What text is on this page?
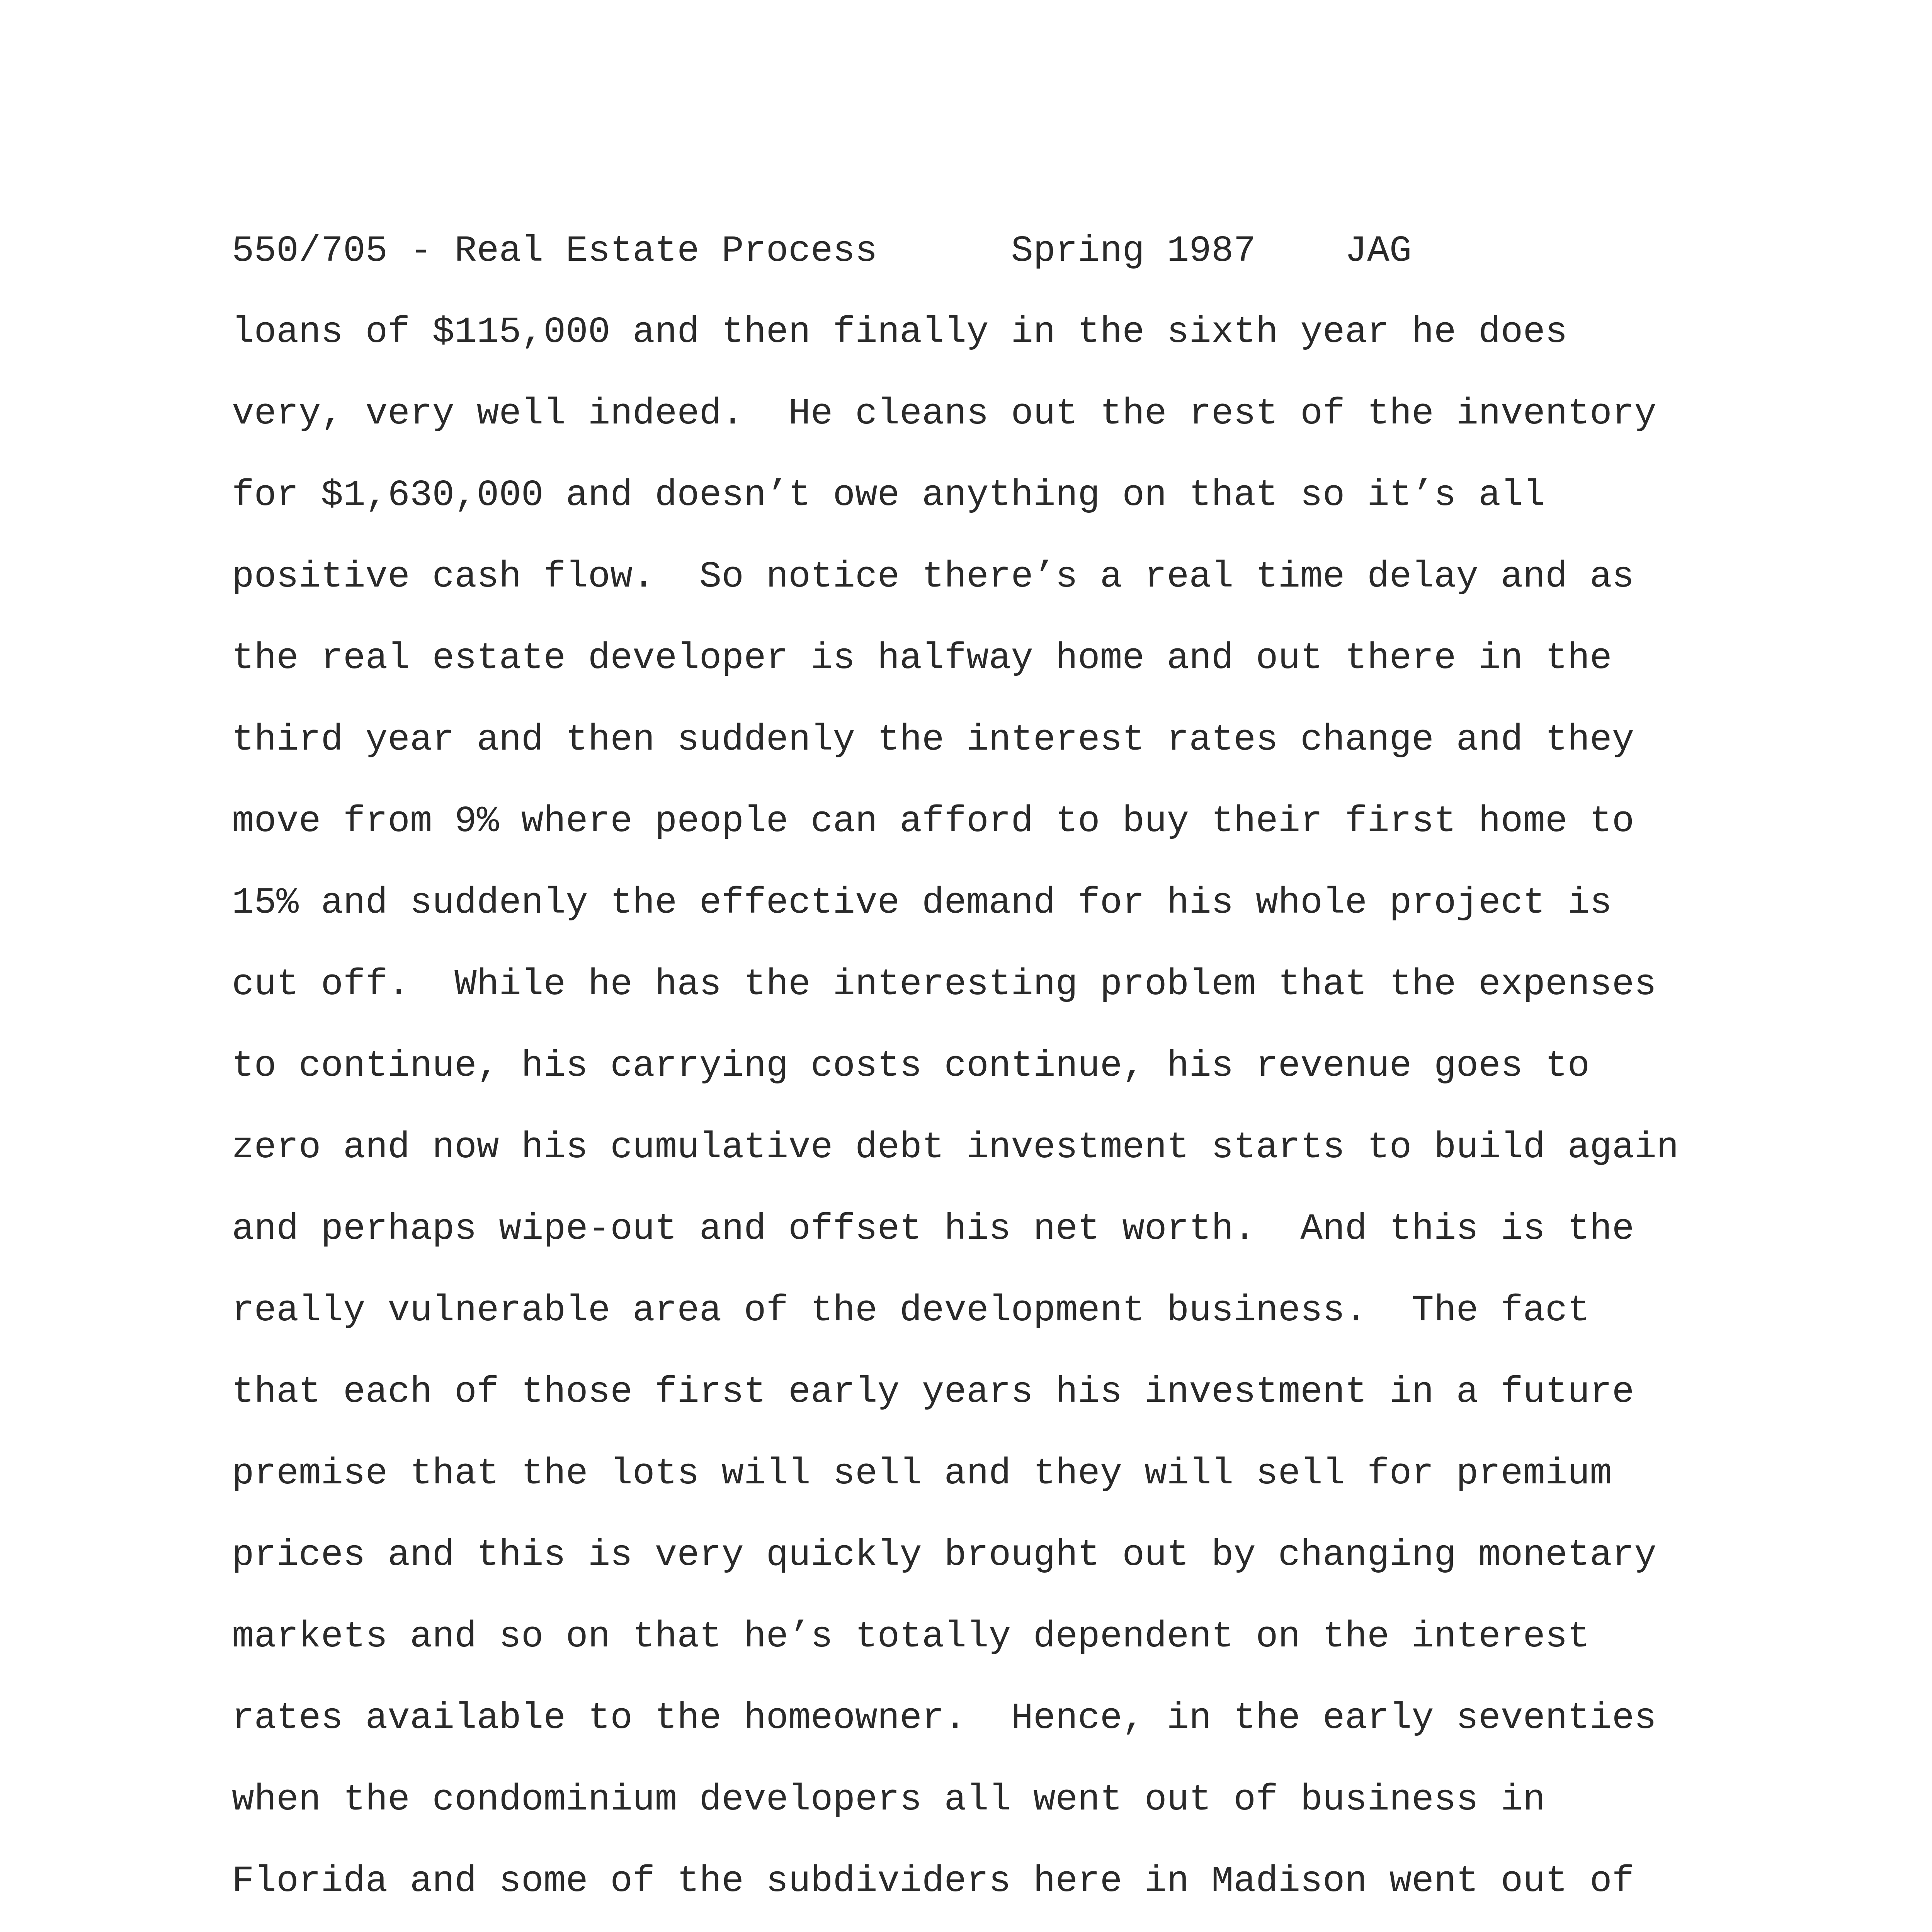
550/705 - Real Estate Process	Spring 1987 JAG
loans of $115,000 and then finally in the sixth year he does
very, very well indeed.  He cleans out the rest of the inventory
for $1,630,000 and doesn’t owe anything on that so it’s all
positive cash flow.  So notice there’s a real time delay and as
the real estate developer is halfway home and out there in the
third year and then suddenly the interest rates change and they
move from 9% where people can afford to buy their first home to
15% and suddenly the effective demand for his whole project is
cut off.  While he has the interesting problem that the expenses
to continue, his carrying costs continue, his revenue goes to
zero and now his cumulative debt investment starts to build again
and perhaps wipe-out and offset his net worth.  And this is the
really vulnerable area of the development business.  The fact
that each of those first early years his investment in a future
premise that the lots will sell and they will sell for premium
prices and this is very quickly brought out by changing monetary
markets and so on that he’s totally dependent on the interest
rates available to the homeowner.  Hence, in the early seventies
when the condominium developers all went out of business in
Florida and some of the subdividers here in Madison went out of
